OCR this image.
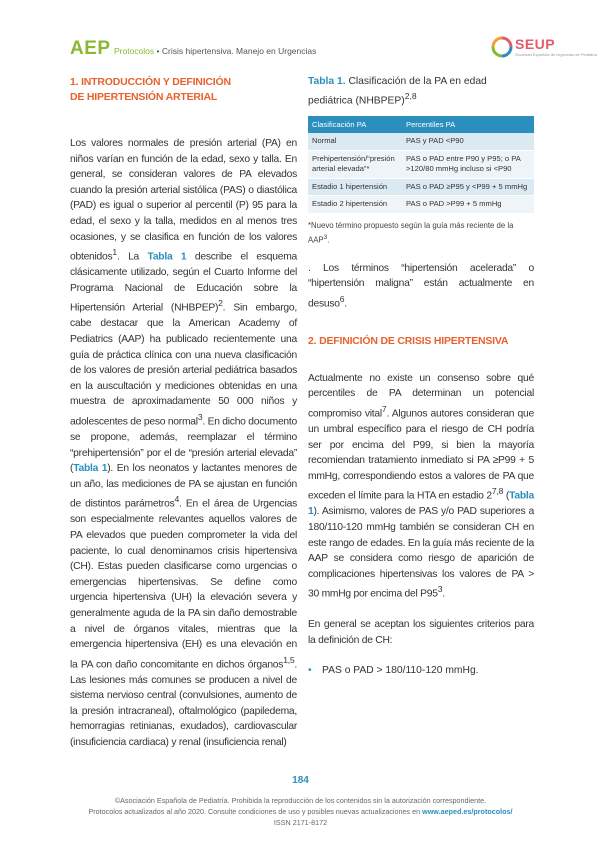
AEP Protocolos • Crisis hipertensiva. Manejo en Urgencias	SEUP
Sociedad Española de Urgencias de Pediatría
1. INTRODUCCIÓN Y DEFINICIÓN
DE HIPERTENSIÓN ARTERIAL

Los valores normales de presión arterial (PA) en niños varían en función de la edad, sexo y talla. En general, se consideran valores de PA elevados cuando la presión arterial sistólica (PAS) o diastólica (PAD) es igual o superior al percentil (P) 95 para la edad, el sexo y la talla, medidos en al menos tres ocasiones, y se clasifica en función de los valores obtenidos$^1$. La Tabla 1 describe el esquema clásicamente utilizado, según el Cuarto Informe del Programa Nacional de Educación sobre la Hipertensión Arterial (NHBPEP)$^2$. Sin embargo, cabe destacar que la American Academy of Pediatrics (AAP) ha publicado recientemente una guía de práctica clínica con una nueva clasificación de los valores de presión arterial pediátrica basados en la auscultación y mediciones obtenidas en una muestra de aproximadamente 50 000 niños y adolescentes de peso normal$^3$. En dicho documento se propone, además, reemplazar el término “prehipertensión” por el de “presión arterial elevada” (Tabla 1). En los neonatos y lactantes menores de un año, las mediciones de PA se ajustan en función de distintos parámetros$^4$. En el área de Urgencias son especialmente relevantes aquellos valores de PA elevados que pueden comprometer la vida del paciente, lo cual denominamos crisis hipertensiva (CH). Estas pueden clasificarse como urgencias o emergencias hipertensivas. Se define como urgencia hipertensiva (UH) la elevación severa y generalmente aguda de la PA sin daño demostrable a nivel de órganos vitales, mientras que la emergencia hipertensiva (EH) es una elevación en la PA con daño concomitante en dichos órganos$^{1,5}$. Las lesiones más comunes se producen a nivel de sistema nervioso central (convulsiones, aumento de la presión intracraneal), oftalmológico (papiledema, hemorragias retinianas, exudados), cardiovascular (insuficiencia cardiaca) y renal (insuficiencia renal)

Tabla 1. Clasificación de la PA en edad pediátrica (NHBPEP)$^{2,8}$
Clasificación PA	Percentiles PA
Normal	PAS y PAD <P90
Prehipertensión/“presión arterial elevada”*	PAS o PAD entre P90 y P95; o PA >120/80 mmHg incluso si <P90
Estadio 1 hipertensión	PAS o PAD ≥P95 y <P99 + 5 mmHg
Estadio 2 hipertensión	PAS o PAD >P99 + 5 mmHg
*Nuevo término propuesto según la guía más reciente de la AAP$^3$.

. Los términos “hipertensión acelerada” o “hipertensión maligna” están actualmente en desuso$^6$.

2. DEFINICIÓN DE CRISIS HIPERTENSIVA

Actualmente no existe un consenso sobre qué percentiles de PA determinan un potencial compromiso vital$^7$. Algunos autores consideran que un umbral específico para el riesgo de CH podría ser por encima del P99, si bien la mayoría recomiendan tratamiento inmediato si PA ≥P99 + 5 mmHg, correspondiendo estos a valores de PA que exceden el límite para la HTA en estadio 2$^{7,8}$ (Tabla 1). Asimismo, valores de PAS y/o PAD superiores a 180/110-120 mmHg también se consideran CH en este rango de edades. En la guía más reciente de la AAP se considera como riesgo de aparición de complicaciones hipertensivas los valores de PA > 30 mmHg por encima del $P95^3$.

En general se aceptan los siguientes criterios para la definición de CH:

• PAS o PAD > 180/110-120 mmHg.
184
©Asociación Española de Pediatría. Prohibida la reproducción de los contenidos sin la autorización correspondiente.
Protocolos actualizados al año 2020. Consulte condiciones de uso y posibles nuevas actualizaciones en www.aeped.es/protocolos/
ISSN 2171-8172
